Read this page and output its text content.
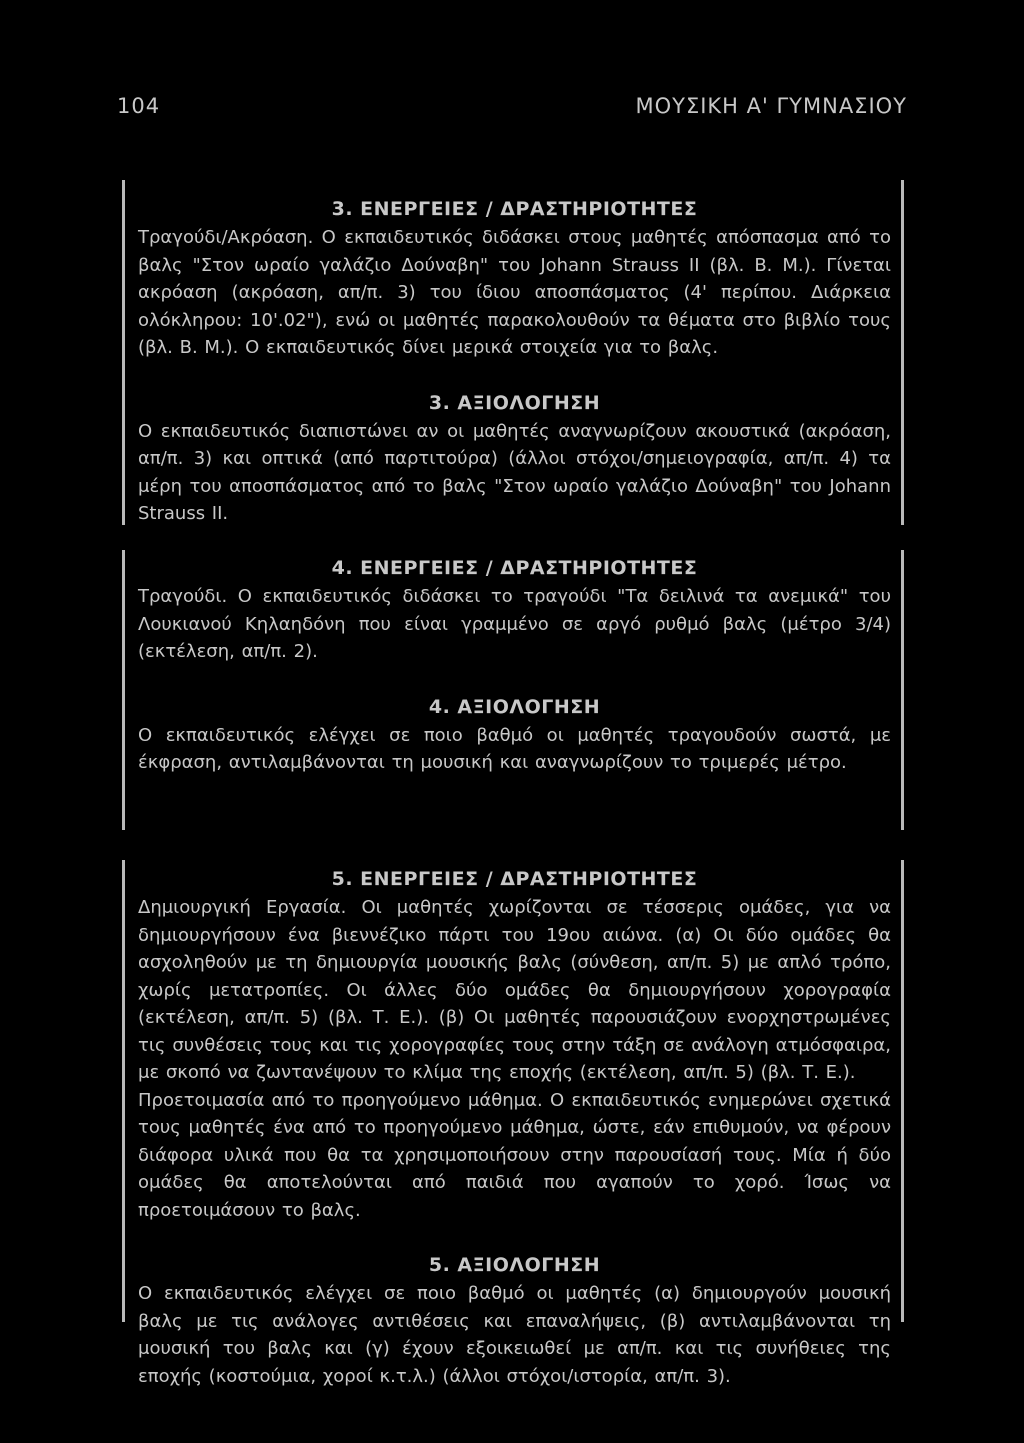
104	ΜΟΥΣΙΚΗ Α' ΓΥΜΝΑΣΙΟΥ
3. ΕΝΕΡΓΕΙΕΣ / ΔΡΑΣΤΗΡΙΟΤΗΤΕΣ

Τραγούδι/Ακρόαση. Ο εκπαιδευτικός διδάσκει στους μαθητές απόσπασμα από το βαλς "Στον ωραίο γαλάζιο Δούναβη" του Johann Strauss II (βλ. Β. Μ.). Γίνεται ακρόαση (ακρόαση, απ/π. 3) του ίδιου αποσπάσματος (4' περίπου. Διάρκεια ολόκληρου: 10'.02"), ενώ οι μαθητές παρακολουθούν τα θέματα στο βιβλίο τους (βλ. Β. Μ.). Ο εκπαιδευτικός δίνει μερικά στοιχεία για το βαλς.

3. ΑΞΙΟΛΟΓΗΣΗ

Ο εκπαιδευτικός διαπιστώνει αν οι μαθητές αναγνωρίζουν ακουστικά (ακρόαση, απ/π. 3) και οπτικά (από παρτιτούρα) (άλλοι στόχοι/σημειογραφία, απ/π. 4) τα μέρη του αποσπάσματος από το βαλς "Στον ωραίο γαλάζιο Δούναβη" του Johann Strauss II.

4. ΕΝΕΡΓΕΙΕΣ / ΔΡΑΣΤΗΡΙΟΤΗΤΕΣ

Τραγούδι. Ο εκπαιδευτικός διδάσκει το τραγούδι "Τα δειλινά τα ανεμικά" του Λουκιανού Κηλαηδόνη που είναι γραμμένο σε αργό ρυθμό βαλς (μέτρο 3/4) (εκτέλεση, απ/π. 2).

4. ΑΞΙΟΛΟΓΗΣΗ

Ο εκπαιδευτικός ελέγχει σε ποιο βαθμό οι μαθητές τραγουδούν σωστά, με έκφραση, αντιλαμβάνονται τη μουσική και αναγνωρίζουν το τριμερές μέτρο.

5. ΕΝΕΡΓΕΙΕΣ / ΔΡΑΣΤΗΡΙΟΤΗΤΕΣ

Δημιουργική Εργασία. Οι μαθητές χωρίζονται σε τέσσερις ομάδες, για να δημιουργήσουν ένα βιεννέζικο πάρτι του 19ου αιώνα. (α) Οι δύο ομάδες θα ασχοληθούν με τη δημιουργία μουσικής βαλς (σύνθεση, απ/π. 5) με απλό τρόπο, χωρίς μετατροπίες. Οι άλλες δύο ομάδες θα δημιουργήσουν χορογραφία (εκτέλεση, απ/π. 5) (βλ. Τ. Ε.). (β) Οι μαθητές παρουσιάζουν ενορχηστρωμένες τις συνθέσεις τους και τις χορογραφίες τους στην τάξη σε ανάλογη ατμόσφαιρα, με σκοπό να ζωντανέψουν το κλίμα της εποχής (εκτέλεση, απ/π. 5) (βλ. Τ. Ε.).

Προετοιμασία από το προηγούμενο μάθημα. Ο εκπαιδευτικός ενημερώνει σχετικά τους μαθητές ένα από το προηγούμενο μάθημα, ώστε, εάν επιθυμούν, να φέρουν διάφορα υλικά που θα τα χρησιμοποιήσουν στην παρουσίασή τους. Μία ή δύο ομάδες θα αποτελούνται από παιδιά που αγαπούν το χορό. Ίσως να προετοιμάσουν το βαλς.

5. ΑΞΙΟΛΟΓΗΣΗ

Ο εκπαιδευτικός ελέγχει σε ποιο βαθμό οι μαθητές (α) δημιουργούν μουσική βαλς με τις ανάλογες αντιθέσεις και επαναλήψεις, (β) αντιλαμβάνονται τη μουσική του βαλς και (γ) έχουν εξοικειωθεί με απ/π. και τις συνήθειες της εποχής (κοστούμια, χοροί κ.τ.λ.) (άλλοι στόχοι/ιστορία, απ/π. 3).
